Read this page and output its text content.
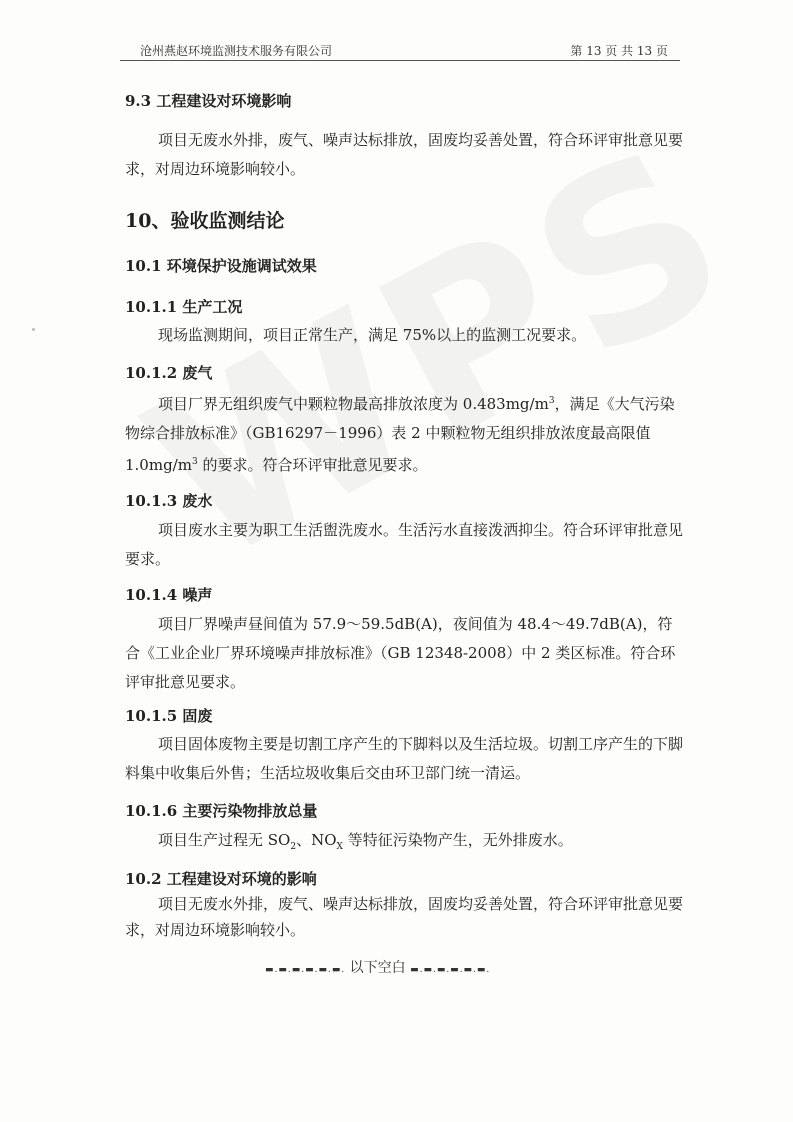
沧州燕赵环境监测技术服务有限公司	第 13 页 共 13 页
9.3 工程建设对环境影响
项目无废水外排，废气、噪声达标排放，固废均妥善处置，符合环评审批意见要求，对周边环境影响较小。
10、验收监测结论
10.1 环境保护设施调试效果
10.1.1 生产工况
现场监测期间，项目正常生产，满足 75%以上的监测工况要求。
10.1.2 废气
项目厂界无组织废气中颗粒物最高排放浓度为 $0.483mg/m^3$，满足《大气污染物综合排放标准》（GB16297－1996）表 2 中颗粒物无组织排放浓度最高限值 $1.0mg/m^3$ 的要求。符合环评审批意见要求。
10.1.3 废水
项目废水主要为职工生活盥洗废水。生活污水直接泼洒抑尘。符合环评审批意见要求。
10.1.4 噪声
项目厂界噪声昼间值为 57.9～59.5dB(A)，夜间值为 48.4～49.7dB(A)，符合《工业企业厂界环境噪声排放标准》（GB 12348-2008）中 2 类区标准。符合环评审批意见要求。
10.1.5 固废
项目固体废物主要是切割工序产生的下脚料以及生活垃圾。切割工序产生的下脚料集中收集后外售；生活垃圾收集后交由环卫部门统一清运。
10.1.6 主要污染物排放总量
项目生产过程无 $SO_2$、$NO_X$ 等特征污染物产生，无外排废水。
10.2 工程建设对环境的影响
项目无废水外排，废气、噪声达标排放，固废均妥善处置，符合环评审批意见要求，对周边环境影响较小。
▬.▬.▬.▬.▬.▬. 以下空白 ▬.▬.▬.▬.▬.▬.
